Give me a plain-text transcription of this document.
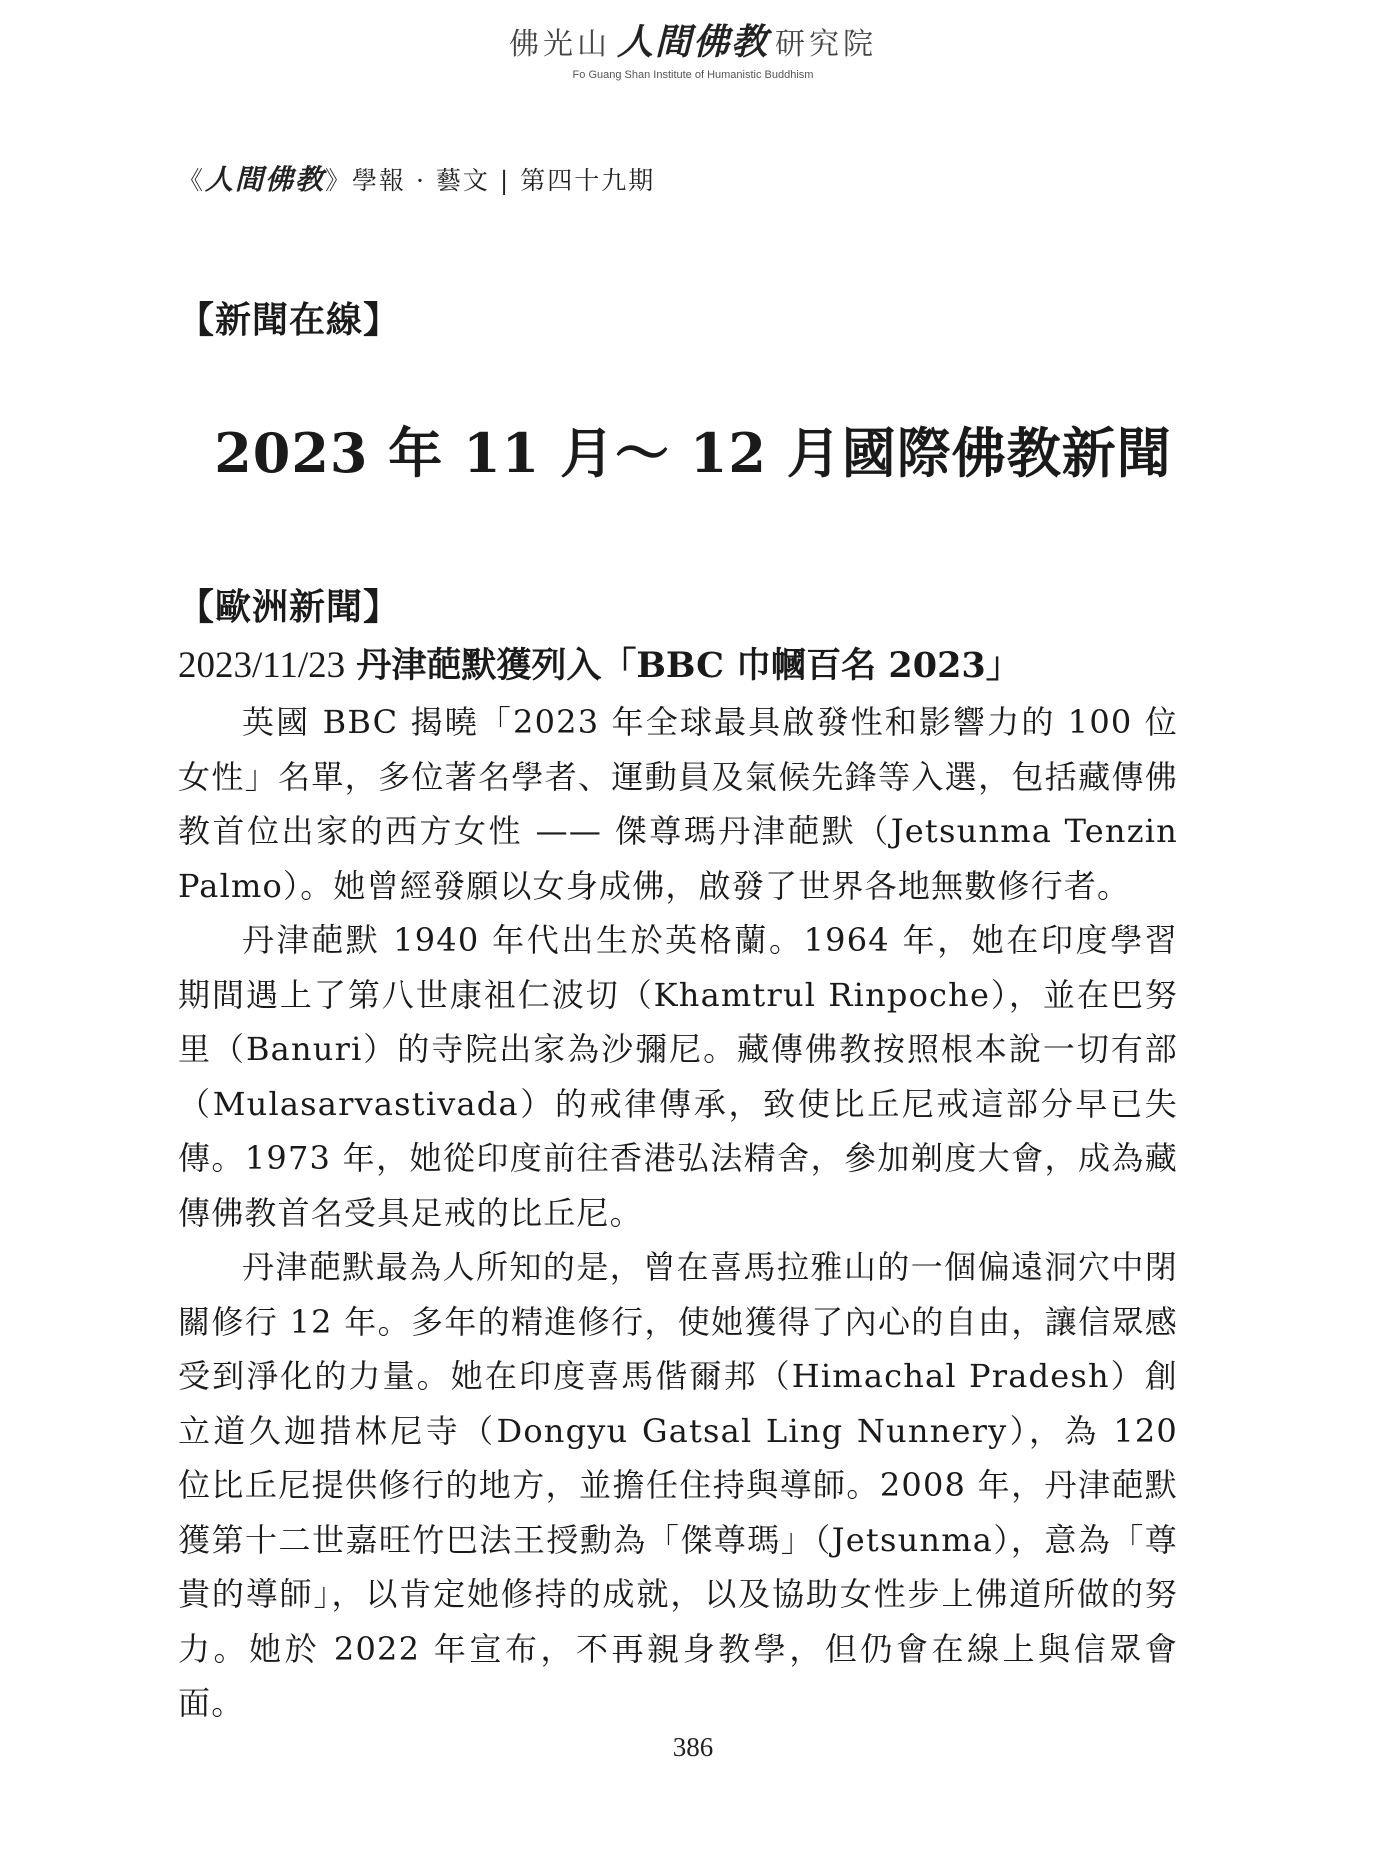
佛光山 人間佛教 研究院
Fo Guang Shan Institute of Humanistic Buddhism
《人間佛教》學報 · 藝文 | 第四十九期
【新聞在線】
2023 年 11 月～ 12 月國際佛教新聞
【歐洲新聞】
2023/11/23 丹津葩默獲列入「BBC 巾幗百名 2023」

英國 BBC 揭曉「2023 年全球最具啟發性和影響力的 100 位女性」名單，多位著名學者、運動員及氣候先鋒等入選，包括藏傳佛教首位出家的西方女性 —— 傑尊瑪丹津葩默（Jetsunma Tenzin Palmo）。她曾經發願以女身成佛，啟發了世界各地無數修行者。

丹津葩默 1940 年代出生於英格蘭。1964 年，她在印度學習期間遇上了第八世康祖仁波切（Khamtrul Rinpoche），並在巴努里（Banuri）的寺院出家為沙彌尼。藏傳佛教按照根本說一切有部（Mulasarvastivada）的戒律傳承，致使比丘尼戒這部分早已失傳。1973 年，她從印度前往香港弘法精舍，參加剃度大會，成為藏傳佛教首名受具足戒的比丘尼。

丹津葩默最為人所知的是，曾在喜馬拉雅山的一個偏遠洞穴中閉關修行 12 年。多年的精進修行，使她獲得了內心的自由，讓信眾感受到淨化的力量。她在印度喜馬偕爾邦（Himachal Pradesh）創立道久迦措林尼寺（Dongyu Gatsal Ling Nunnery），為 120 位比丘尼提供修行的地方，並擔任住持與導師。2008 年，丹津葩默獲第十二世嘉旺竹巴法王授勳為「傑尊瑪」（Jetsunma），意為「尊貴的導師」，以肯定她修持的成就，以及協助女性步上佛道所做的努力。她於 2022 年宣布，不再親身教學，但仍會在線上與信眾會面。

386
